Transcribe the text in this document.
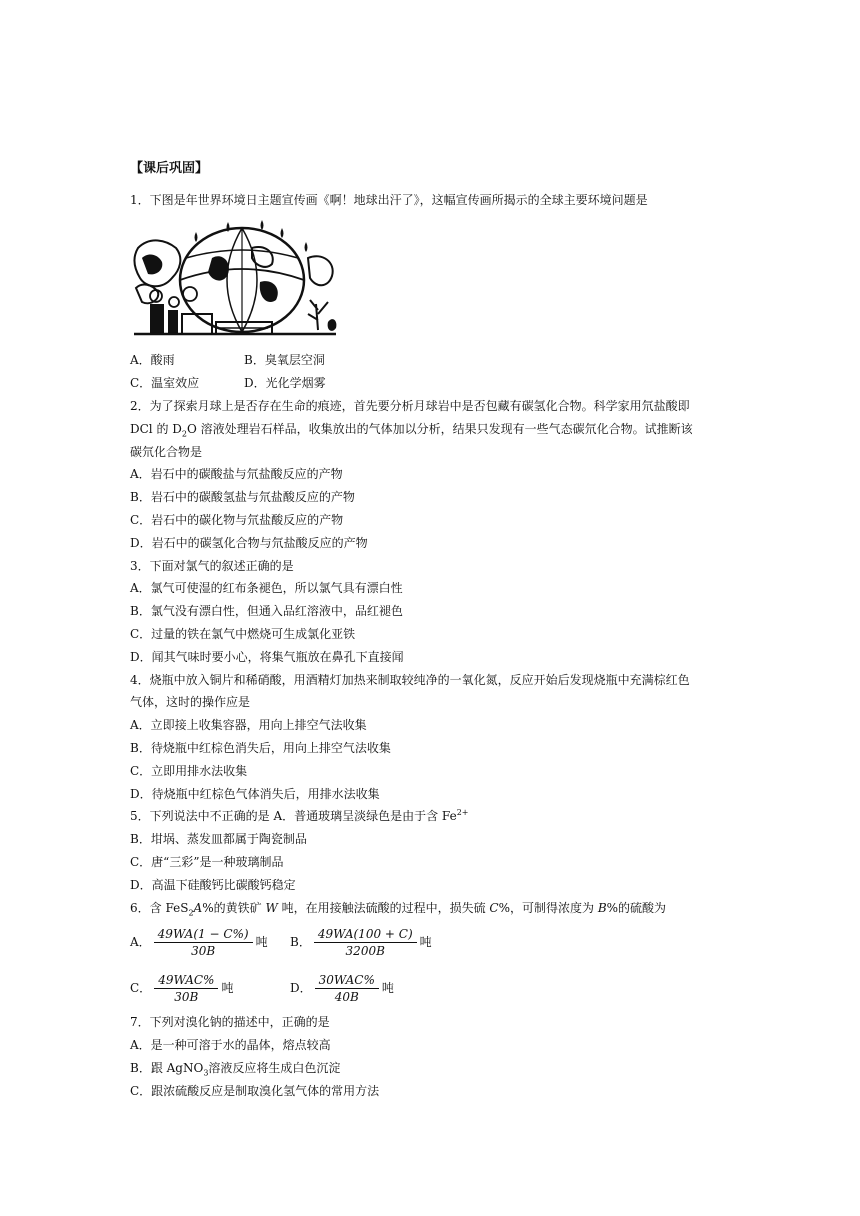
【课后巩固】
1．下图是年世界环境日主题宣传画《啊！地球出汗了》，这幅宣传画所揭示的全球主要环境问题是
A．酸雨	B．臭氧层空洞
C．温室效应	D．光化学烟雾
2．为了探索月球上是否存在生命的痕迹，首先要分析月球岩中是否包藏有碳氢化合物。科学家用氘盐酸即
DCl 的 $D_2O$ 溶液处理岩石样品，收集放出的气体加以分析，结果只发现有一些气态碳氘化合物。试推断该
碳氘化合物是
A．岩石中的碳酸盐与氘盐酸反应的产物
B．岩石中的碳酸氢盐与氘盐酸反应的产物
C．岩石中的碳化物与氘盐酸反应的产物
D．岩石中的碳氢化合物与氘盐酸反应的产物
3．下面对氯气的叙述正确的是
A．氯气可使湿的红布条褪色，所以氯气具有漂白性
B．氯气没有漂白性，但通入品红溶液中，品红褪色
C．过量的铁在氯气中燃烧可生成氯化亚铁
D．闻其气味时要小心，将集气瓶放在鼻孔下直接闻
4．烧瓶中放入铜片和稀硝酸，用酒精灯加热来制取较纯净的一氧化氮，反应开始后发现烧瓶中充满棕红色
气体，这时的操作应是
A．立即接上收集容器，用向上排空气法收集
B．待烧瓶中红棕色消失后，用向上排空气法收集
C．立即用排水法收集
D．待烧瓶中红棕色气体消失后，用排水法收集
5．下列说法中不正确的是 A．普通玻璃呈淡绿色是由于含 $Fe^{2+}$
B．坩埚、蒸发皿都属于陶瓷制品
C．唐“三彩”是一种玻璃制品
D．高温下硅酸钙比碳酸钙稳定
6．含 FeS$_2$A%的黄铁矿 W 吨，在用接触法硫酸的过程中，损失硫 C%，可制得浓度为 B%的硫酸为
A． $\frac{49WA(1 - C\%)}{30B}$ 吨 B． $\frac{49WA(100 + C)}{3200B}$ 吨
C． $\frac{\text{49WAC\%}}{30B}$ 吨	D． $\frac{\text{30WAC\%}}{40B}$ 吨
7．下列对溴化钠的描述中，正确的是
A．是一种可溶于水的晶体，熔点较高
B．跟 AgNO$_3$溶液反应将生成白色沉淀
C．跟浓硫酸反应是制取溴化氢气体的常用方法
